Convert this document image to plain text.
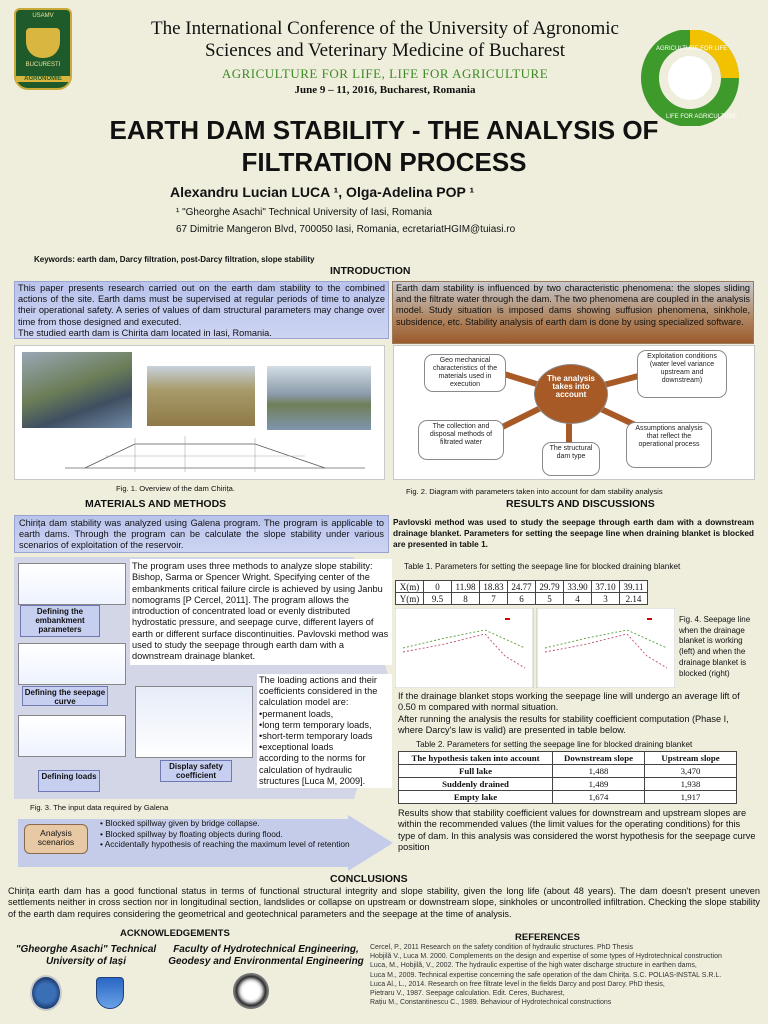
USAMV
BUCURESTI
AGRONOMIE
The International Conference of the University of Agronomic
Sciences and Veterinary Medicine of Bucharest
AGRICULTURE FOR LIFE, LIFE FOR AGRICULTURE
June 9 – 11, 2016, Bucharest, Romania
AGRICULTURE FOR LIFE
LIFE FOR AGRICULTURE
EARTH DAM STABILITY - THE ANALYSIS OF
FILTRATION PROCESS
Alexandru Lucian LUCA ¹, Olga-Adelina POP ¹
¹ "Gheorghe Asachi" Technical University of Iasi, Romania
67 Dimitrie Mangeron Blvd, 700050 Iasi, Romania, ecretariatHGIM@tuiasi.ro
Keywords: earth dam, Darcy filtration, post-Darcy filtration, slope stability
INTRODUCTION
This paper presents research carried out on the earth dam stability to the combined actions of the site. Earth dams must be supervised at regular periods of time to analyze their operational safety. A series of values of dam structural parameters may change over time from those designed and executed.
The studied earth dam is Chirita dam located in Iasi, Romania.
Earth dam stability is influenced by two characteristic phenomena: the slopes sliding and the filtrate water through the dam. The two phenomena are coupled in the analysis model. Study situation is imposed dams showing suffusion phenomena, sinkhole, subsidence, etc. Stability analysis of earth dam is done by using specialized software.
Fig. 1. Overview of the dam Chirița.
Geo mechanical characteristics of the materials used in execution
Exploitation conditions (water level variance upstream and downstream)
The analysis takes into account
The collection and disposal methods of filtrated water
The structural dam type
Assumptions analysis that reflect the operational process
Fig. 2. Diagram with parameters taken into account for dam stability analysis
MATERIALS AND METHODS
Chirița dam stability was analyzed using Galena program. The program is applicable to earth dams. Through the program can be calculate the slope stability under various scenarios of exploitation of the reservoir.
Defining the embankment parameters
Defining the seepage curve
Defining loads
Display safety coefficient
The program uses three methods to analyze slope stability: Bishop, Sarma or Spencer Wright. Specifying center of the embankments critical failure circle is achieved by using Janbu nomograms [P Cercel, 2011]. The program allows the introduction of concentrated load or evenly distributed hydrostatic pressure, and seepage curve, different layers of earth or different surface discontinuities. Pavlovski method was used to study the seepage through earth dam with a downstream drainage blanket.
The loading actions and their coefficients considered in the calculation model are:
•permanent loads,
•long term temporary loads,
•short-term temporary loads
•exceptional loads
according to the norms for calculation of hydraulic structures [Luca M, 2009].
Fig. 3. The input data required by Galena
Analysis scenarios
• Blocked spillway given by bridge collapse.
• Blocked spillway by floating objects during flood.
• Accidentally hypothesis of reaching the maximum level of retention
RESULTS AND DISCUSSIONS
Pavlovski method was used to study the seepage through earth dam with a downstream drainage blanket. Parameters for setting the seepage line when draining blanket is blocked are presented in table 1.
Table 1. Parameters for setting the seepage line for blocked draining blanket
X(m)	0	11.98	18.83	24.77	29.79	33.90	37.10	39.11
Y(m)	9.5	8	7	6	5	4	3	2.14
Fig. 4. Seepage line when the drainage blanket is working (left) and when the drainage blanket is blocked (right)
If the drainage blanket stops working the seepage line will undergo an average lift of 0.50 m compared with normal situation.
After running the analysis the results for stability coefficient computation (Phase I, where Darcy's law is valid) are presented in table below.
Table 2. Parameters for setting the seepage line for blocked draining blanket
The hypothesis taken into account	Downstream slope	Upstream slope
Full lake	1,488	3,470
Suddenly drained	1,489	1,938
Empty lake	1,674	1,917
Results show that stability coefficient values for downstream and upstream slopes are within the recommended values (the limit values for the operating conditions) for this type of dam. In this analysis was considered the worst hypothesis for the seepage curve position
CONCLUSIONS
Chirița earth dam has a good functional status in terms of functional structural integrity and slope stability, given the long life (about 48 years). The dam doesn't present uneven settlements neither in cross section nor in longitudinal section, landslides or collapse on upstream or downstream slope, sinkholes or uncontrolled infiltration. Checking the slope stability of the earth dam requires considering the geometrical and geotechnical parameters and the seepage at the time of analysis.
ACKNOWLEDGEMENTS
"Gheorghe Asachi" Technical
University of Iași
Faculty of Hydrotechnical Engineering,
Geodesy and Environmental Engineering
REFERENCES
Cercel, P., 2011 Research on the safety condition of hydraulic structures. PhD Thesis
Hobjilă V., Luca M. 2000. Complements on the design and expertise of some types of Hydrotechnical construction
Luca, M., Hobjilă, V., 2002. The hydraulic expertise of the high water discharge structure in earthen dams,
Luca M., 2009. Technical expertise concerning the safe operation of the dam Chirița. S.C. POLIAS-INSTAL S.R.L.
Luca Al., L., 2014. Research on free filtrate level in the fields Darcy and post Darcy. PhD thesis,
Pietraru V., 1987. Seepage calculation. Edit. Ceres, Bucharest,
Rațiu M., Constantinescu C., 1989. Behaviour of Hydrotechnical constructions
